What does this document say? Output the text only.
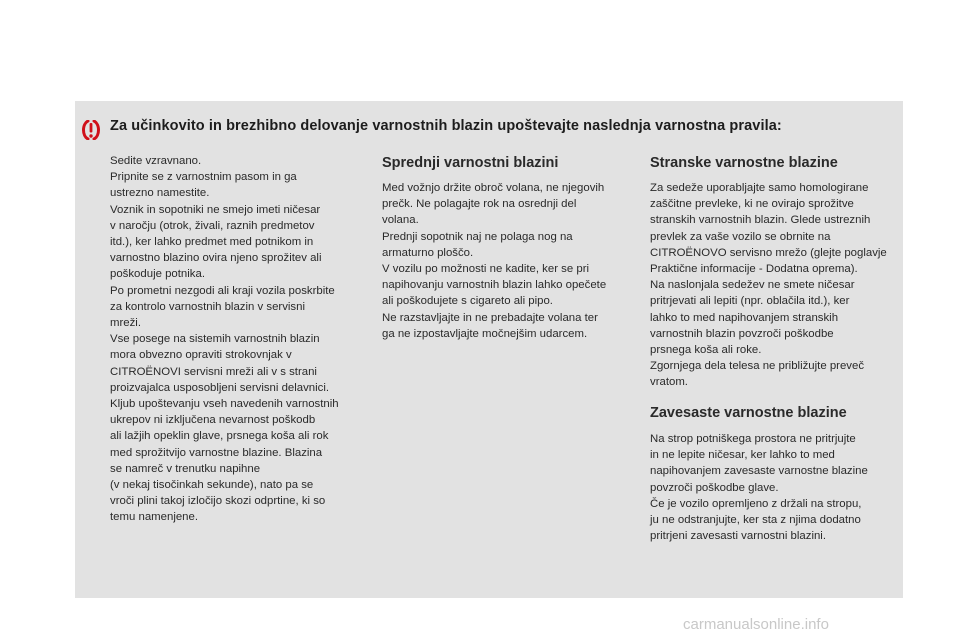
Za učinkovito in brezhibno delovanje varnostnih blazin upoštevajte naslednja varnostna pravila:

Sedite vzravnano.

Pripnite se z varnostnim pasom in ga

ustrezno namestite.

Voznik in sopotniki ne smejo imeti ničesar

v naročju (otrok, živali, raznih predmetov

itd.), ker lahko predmet med potnikom in

varnostno blazino ovira njeno sprožitev ali

poškoduje potnika.

Po prometni nezgodi ali kraji vozila poskrbite

za kontrolo varnostnih blazin v servisni

mreži.

Vse posege na sistemih varnostnih blazin

mora obvezno opraviti strokovnjak v

CITROËNOVI servisni mreži ali v s strani

proizvajalca usposobljeni servisni delavnici.

Kljub upoštevanju vseh navedenih varnostnih

ukrepov ni izključena nevarnost poškodb

ali lažjih opeklin glave, prsnega koša ali rok

med sprožitvijo varnostne blazine. Blazina

se namreč v trenutku napihne

(v nekaj tisočinkah sekunde), nato pa se

vroči plini takoj izločijo skozi odprtine, ki so

temu namenjene.

Sprednji varnostni blazini

Med vožnjo držite obroč volana, ne njegovih

prečk. Ne polagajte rok na osrednji del

volana.

Prednji sopotnik naj ne polaga nog na

armaturno ploščo.

V vozilu po možnosti ne kadite, ker se pri

napihovanju varnostnih blazin lahko opečete

ali poškodujete s cigareto ali pipo.

Ne razstavljajte in ne prebadajte volana ter

ga ne izpostavljajte močnejšim udarcem.

Stranske varnostne blazine

Za sedeže uporabljajte samo homologirane

zaščitne prevleke, ki ne ovirajo sprožitve

stranskih varnostnih blazin. Glede ustreznih

prevlek za vaše vozilo se obrnite na

CITROËNOVO servisno mrežo (glejte poglavje

Praktične informacije - Dodatna oprema).

Na naslonjala sedežev ne smete ničesar

pritrjevati ali lepiti (npr. oblačila itd.), ker

lahko to med napihovanjem stranskih

varnostnih blazin povzroči poškodbe

prsnega koša ali roke.

Zgornjega dela telesa ne približujte preveč

vratom.

Zavesaste varnostne blazine

Na strop potniškega prostora ne pritrjujte

in ne lepite ničesar, ker lahko to med

napihovanjem zavesaste varnostne blazine

povzroči poškodbe glave.

Če je vozilo opremljeno z držali na stropu,

ju ne odstranjujte, ker sta z njima dodatno

pritrjeni zavesasti varnostni blazini.

carmanualsonline.info
